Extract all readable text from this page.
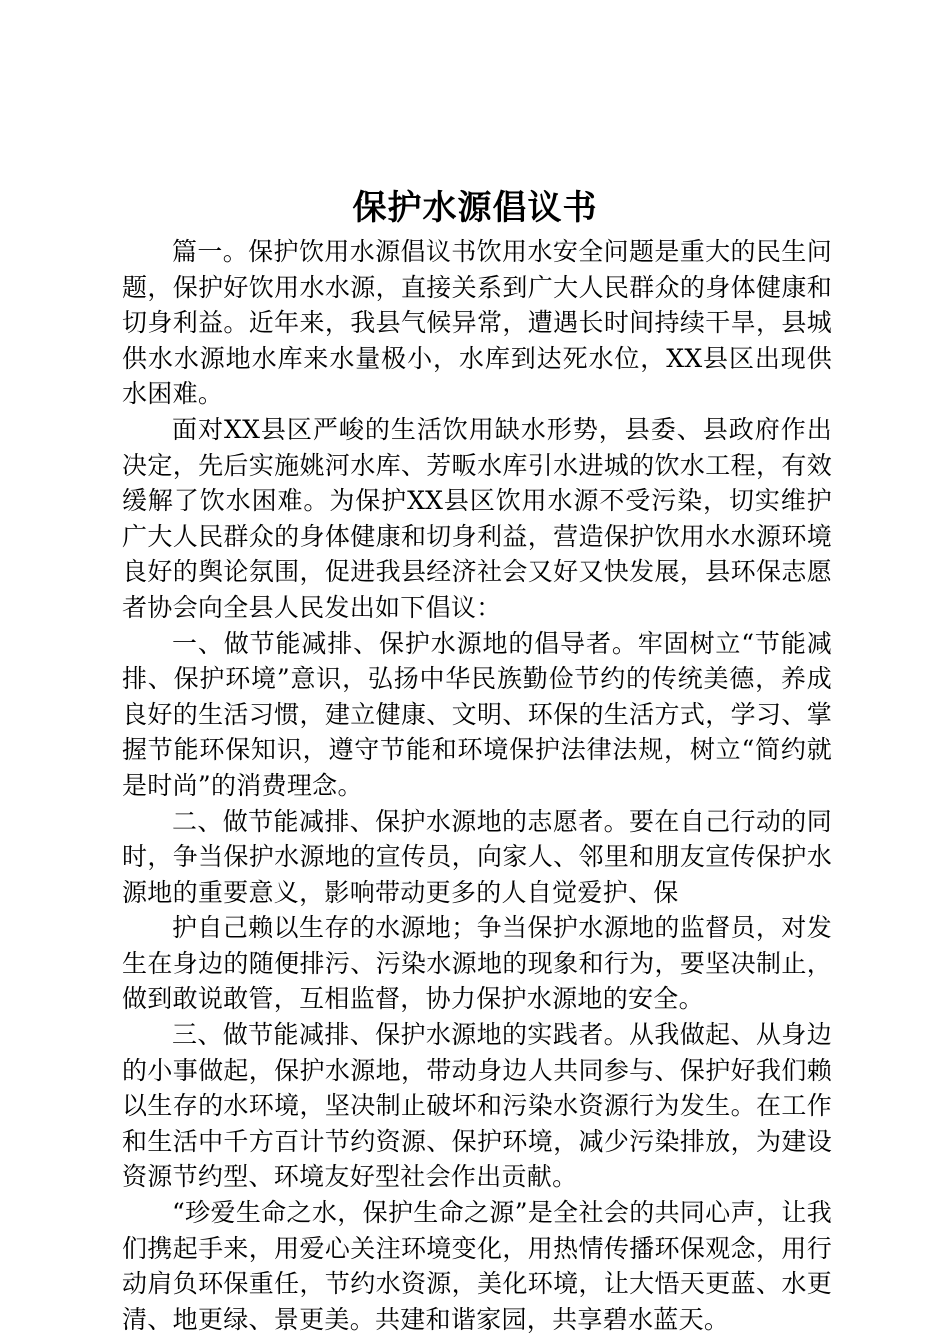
保护水源倡议书

篇一。保护饮用水源倡议书饮用水安全问题是重大的民生问题，保护好饮用水水源，直接关系到广大人民群众的身体健康和切身利益。近年来，我县气候异常，遭遇长时间持续干旱，县城供水水源地水库来水量极小，水库到达死水位，XX县区出现供水困难。

面对XX县区严峻的生活饮用缺水形势，县委、县政府作出决定，先后实施姚河水库、芳畈水库引水进城的饮水工程，有效缓解了饮水困难。为保护XX县区饮用水源不受污染，切实维护广大人民群众的身体健康和切身利益，营造保护饮用水水源环境良好的舆论氛围，促进我县经济社会又好又快发展，县环保志愿者协会向全县人民发出如下倡议：

一、做节能减排、保护水源地的倡导者。牢固树立“节能减排、保护环境”意识，弘扬中华民族勤俭节约的传统美德，养成良好的生活习惯，建立健康、文明、环保的生活方式，学习、掌握节能环保知识，遵守节能和环境保护法律法规，树立“简约就是时尚”的消费理念。

二、做节能减排、保护水源地的志愿者。要在自己行动的同时，争当保护水源地的宣传员，向家人、邻里和朋友宣传保护水源地的重要意义，影响带动更多的人自觉爱护、保

护自己赖以生存的水源地；争当保护水源地的监督员，对发生在身边的随便排污、污染水源地的现象和行为，要坚决制止，做到敢说敢管，互相监督，协力保护水源地的安全。

三、做节能减排、保护水源地的实践者。从我做起、从身边的小事做起，保护水源地，带动身边人共同参与、保护好我们赖以生存的水环境，坚决制止破坏和污染水资源行为发生。在工作和生活中千方百计节约资源、保护环境，减少污染排放，为建设资源节约型、环境友好型社会作出贡献。

“珍爱生命之水，保护生命之源”是全社会的共同心声，让我们携起手来，用爱心关注环境变化，用热情传播环保观念，用行动肩负环保重任，节约水资源，美化环境，让大悟天更蓝、水更清、地更绿、景更美。共建和谐家园，共享碧水蓝天。
